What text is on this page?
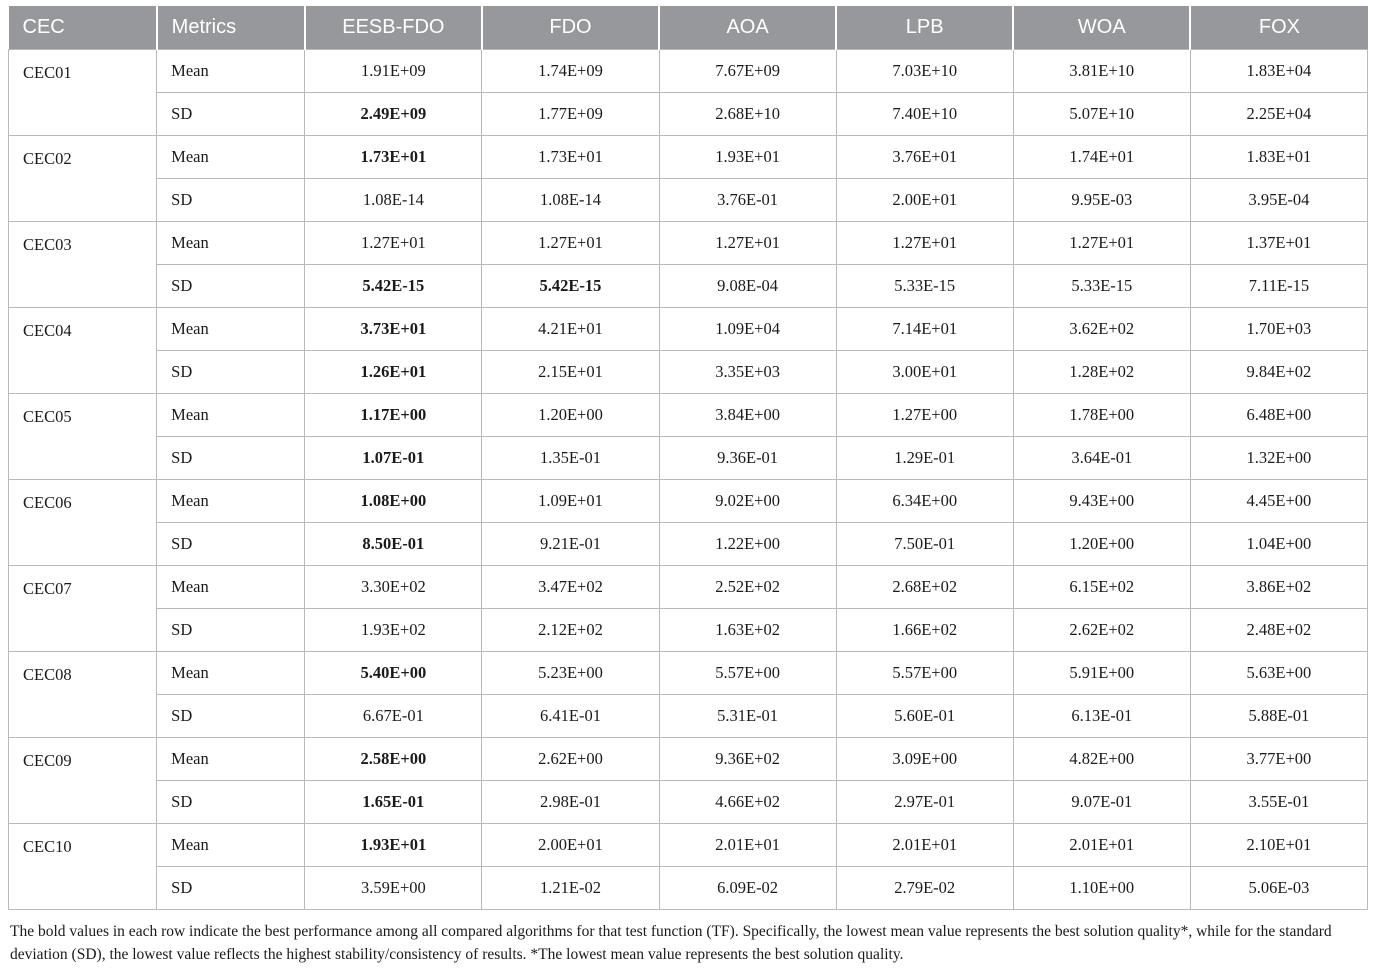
CEC	Metrics	EESB-FDO	FDO	AOA	LPB	WOA	FOX
CEC01	Mean	1.91E+09	1.74E+09	7.67E+09	7.03E+10	3.81E+10	1.83E+04
	SD	2.49E+09	1.77E+09	2.68E+10	7.40E+10	5.07E+10	2.25E+04
CEC02	Mean	1.73E+01	1.73E+01	1.93E+01	3.76E+01	1.74E+01	1.83E+01
	SD	1.08E-14	1.08E-14	3.76E-01	2.00E+01	9.95E-03	3.95E-04
CEC03	Mean	1.27E+01	1.27E+01	1.27E+01	1.27E+01	1.27E+01	1.37E+01
	SD	5.42E-15	5.42E-15	9.08E-04	5.33E-15	5.33E-15	7.11E-15
CEC04	Mean	3.73E+01	4.21E+01	1.09E+04	7.14E+01	3.62E+02	1.70E+03
	SD	1.26E+01	2.15E+01	3.35E+03	3.00E+01	1.28E+02	9.84E+02
CEC05	Mean	1.17E+00	1.20E+00	3.84E+00	1.27E+00	1.78E+00	6.48E+00
	SD	1.07E-01	1.35E-01	9.36E-01	1.29E-01	3.64E-01	1.32E+00
CEC06	Mean	1.08E+00	1.09E+01	9.02E+00	6.34E+00	9.43E+00	4.45E+00
	SD	8.50E-01	9.21E-01	1.22E+00	7.50E-01	1.20E+00	1.04E+00
CEC07	Mean	3.30E+02	3.47E+02	2.52E+02	2.68E+02	6.15E+02	3.86E+02
	SD	1.93E+02	2.12E+02	1.63E+02	1.66E+02	2.62E+02	2.48E+02
CEC08	Mean	5.40E+00	5.23E+00	5.57E+00	5.57E+00	5.91E+00	5.63E+00
	SD	6.67E-01	6.41E-01	5.31E-01	5.60E-01	6.13E-01	5.88E-01
CEC09	Mean	2.58E+00	2.62E+00	9.36E+02	3.09E+00	4.82E+00	3.77E+00
	SD	1.65E-01	2.98E-01	4.66E+02	2.97E-01	9.07E-01	3.55E-01
CEC10	Mean	1.93E+01	2.00E+01	2.01E+01	2.01E+01	2.01E+01	2.10E+01
	SD	3.59E+00	1.21E-02	6.09E-02	2.79E-02	1.10E+00	5.06E-03
The bold values in each row indicate the best performance among all compared algorithms for that test function (TF). Specifically, the lowest mean value represents the best solution quality*, while for the standard deviation (SD), the lowest value reflects the highest stability/consistency of results. *The lowest mean value represents the best solution quality.
